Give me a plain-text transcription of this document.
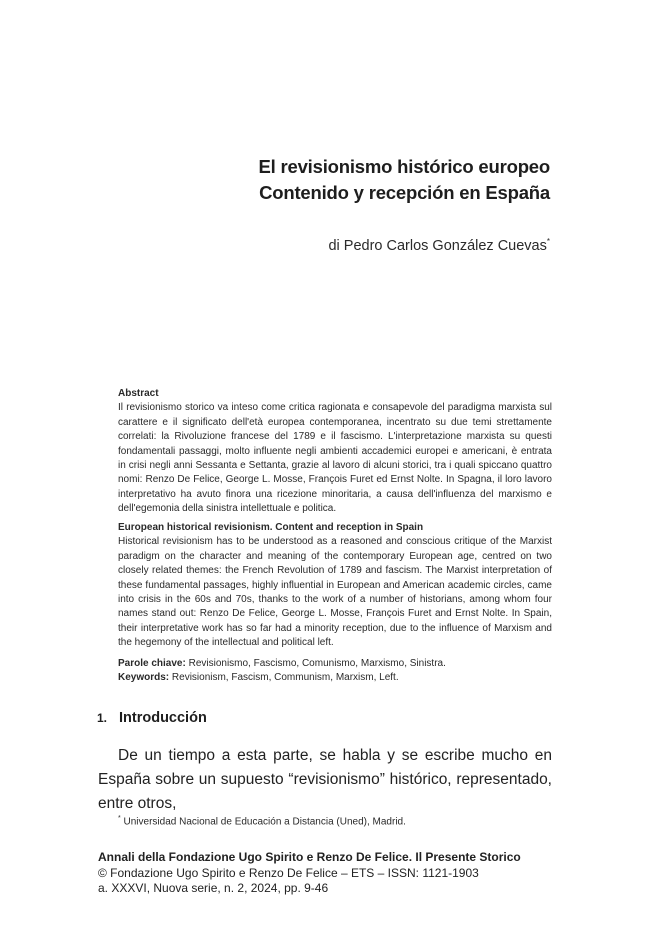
El revisionismo histórico europeo
Contenido y recepción en España
di Pedro Carlos González Cuevas*
Abstract
Il revisionismo storico va inteso come critica ragionata e consapevole del paradigma marxista sul carattere e il significato dell'età europea contemporanea, incentrato su due temi strettamente correlati: la Rivoluzione francese del 1789 e il fascismo. L'interpretazione marxista su questi fondamentali passaggi, molto influente negli ambienti accademici europei e americani, è entrata in crisi negli anni Sessanta e Settanta, grazie al lavoro di alcuni storici, tra i quali spiccano quattro nomi: Renzo De Felice, George L. Mosse, François Furet ed Ernst Nolte. In Spagna, il loro lavoro interpretativo ha avuto finora una ricezione minoritaria, a causa dell'influenza del marxismo e dell'egemonia della sinistra intellettuale e politica.
European historical revisionism. Content and reception in Spain
Historical revisionism has to be understood as a reasoned and conscious critique of the Marxist paradigm on the character and meaning of the contemporary European age, centred on two closely related themes: the French Revolution of 1789 and fascism. The Marxist interpretation of these fundamental passages, highly influential in European and American academic circles, came into crisis in the 60s and 70s, thanks to the work of a number of historians, among whom four names stand out: Renzo De Felice, George L. Mosse, François Furet and Ernst Nolte. In Spain, their interpretative work has so far had a minority reception, due to the influence of Marxism and the hegemony of the intellectual and political left.
Parole chiave: Revisionismo, Fascismo, Comunismo, Marxismo, Sinistra.
Keywords: Revisionism, Fascism, Communism, Marxism, Left.
1. Introducción
De un tiempo a esta parte, se habla y se escribe mucho en España sobre un supuesto “revisionismo” histórico, representado, entre otros,
* Universidad Nacional de Educación a Distancia (Uned), Madrid.
Annali della Fondazione Ugo Spirito e Renzo De Felice. Il Presente Storico
© Fondazione Ugo Spirito e Renzo De Felice – ETS – ISSN: 1121-1903
a. XXXVI, Nuova serie, n. 2, 2024, pp. 9-46
